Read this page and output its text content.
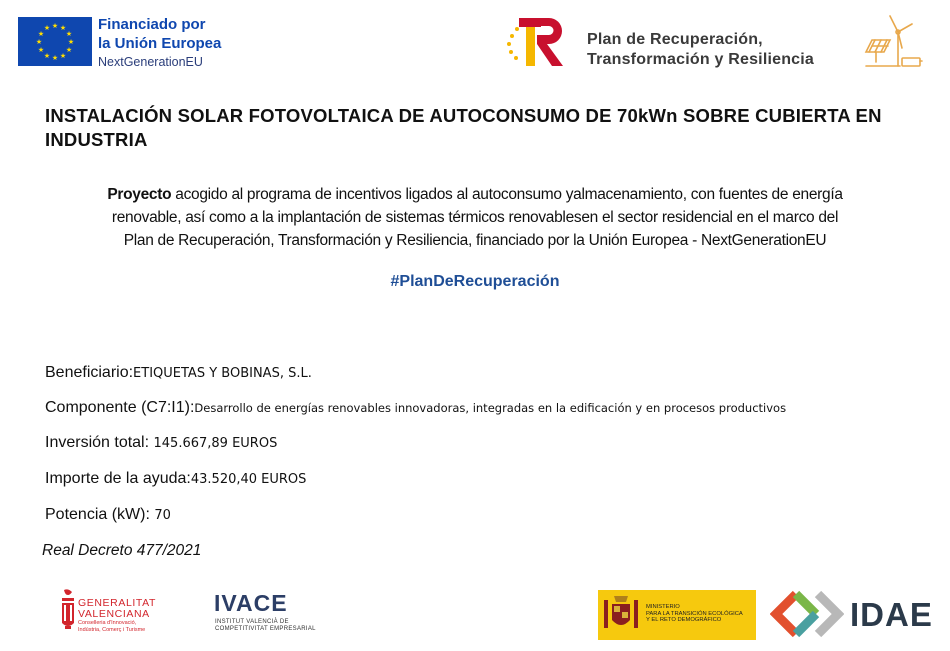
★ ★
★
★
★
★
★
★
★
★
★
★	Financiado por
la Unión Europea
NextGenerationEU
Plan de Recuperación,
Transformación y Resiliencia
INSTALACIÓN SOLAR FOTOVOLTAICA DE AUTOCONSUMO DE 70kWn SOBRE CUBIERTA EN INDUSTRIA
Proyecto acogido al programa de incentivos ligados al autoconsumo yalmacenamiento, con fuentes de energía
renovable, así como a la implantación de sistemas térmicos renovablesen el sector residencial en el marco del
Plan de Recuperación, Transformación y Resiliencia, financiado por la Unión Europea - NextGenerationEU
#PlanDeRecuperación
Beneficiario:ETIQUETAS Y BOBINAS, S.L.
Componente (C7:I1):Desarrollo de energías renovables innovadoras, integradas en la edificación y en procesos productivos
Inversión total: 145.667,89 EUROS
Importe de la ayuda:43.520,40 EUROS
Potencia (kW): 70
Real Decreto 477/2021
GENERALITAT
VALENCIANA
Conselleria d'Innovació,
Indústria, Comerç i Turisme
IVACE
INSTITUT VALENCIÀ DE
COMPETITIVITAT EMPRESARIAL
MINISTERIO
PARA LA TRANSICIÓN ECOLÓGICA
Y EL RETO DEMOGRÁFICO	IDAE
